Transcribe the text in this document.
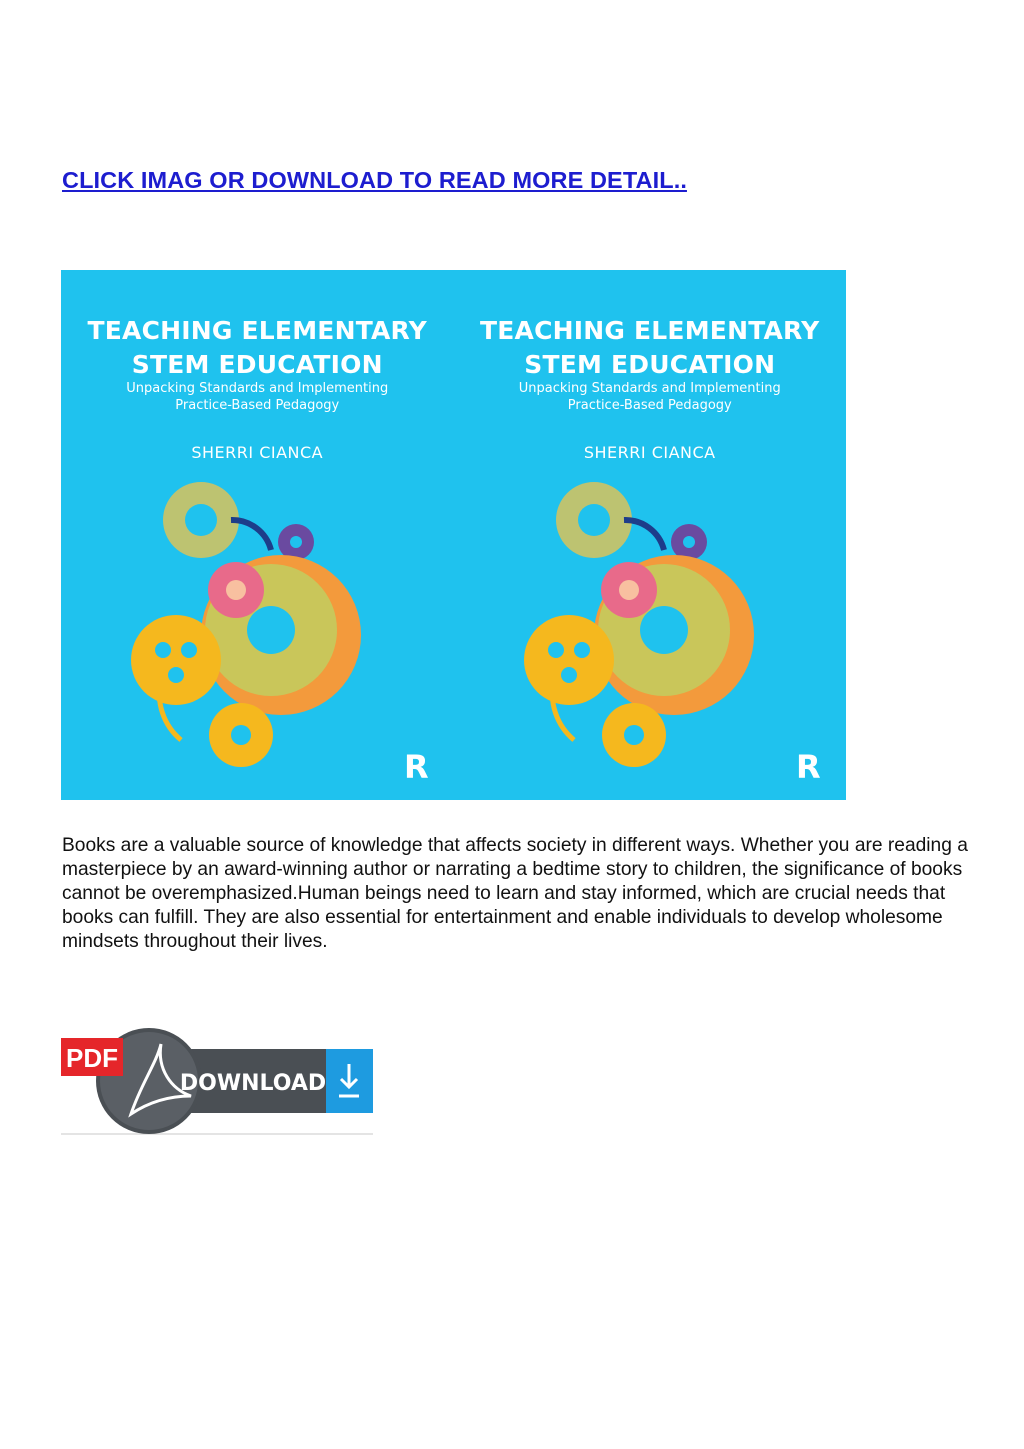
CLICK IMAG OR DOWNLOAD TO READ MORE DETAIL..
TEACHING ELEMENTARY
STEM EDUCATION
Unpacking Standards and Implementing
Practice-Based Pedagogy
SHERRI CIANCA
R
TEACHING ELEMENTARY
STEM EDUCATION
Unpacking Standards and Implementing
Practice-Based Pedagogy
SHERRI CIANCA
R
Books are a valuable source of knowledge that affects society in different ways. Whether you are reading a masterpiece by an award-winning author or narrating a bedtime story to children, the significance of books cannot be overemphasized.Human beings need to learn and stay informed, which are crucial needs that books can fulfill. They are also essential for entertainment and enable individuals to develop wholesome mindsets throughout their lives.
PDF
DOWNLOAD
